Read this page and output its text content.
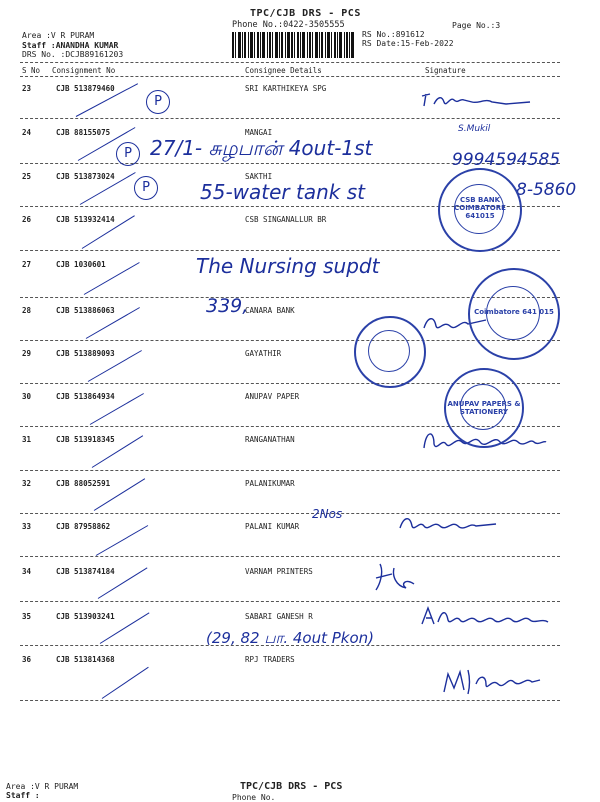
TPC/CJB DRS - PCS
Phone No.:0422-3505555	Page No.:3
Area :V R PURAM
Staff :ANANDHA KUMAR
DRS No. :DCJB89161203
RS No.:891612
RS Date:15-Feb-2022
S No Consignment No	Consignee Details	Signature
23	CJB 513879460	SRI KARTHIKEYA SPG
24	CJB 88155075	MANGAI
25	CJB 513873024	SAKTHI
26	CJB 513932414	CSB SINGANALLUR BR
27	CJB 1030601
28	CJB 513886063	CANARA BANK
29	CJB 513889093	GAYATHIR
30	CJB 513864934	ANUPAV PAPER
31	CJB 513918345	RANGANATHAN
32	CJB 88052591	PALANIKUMAR
33	CJB 87958862	PALANI KUMAR
34	CJB 513874184	VARNAM PRINTERS
35	CJB 513903241	SABARI GANESH R
36	CJB 513814368	RPJ TRADERS
P
P
P
27/1- சுழபான் 4out-1st
S.Mukil
9994594585
55-water tank st	8-5860
The Nursing supdt
339,
2Nos
(29, 82 பா. 4out Pkon)
CSB BANK COIMBATORE 641015
Coimbatore 641 015
ANUPAV PAPERS & STATIONERY
Area :V R PURAM
Staff :
TPC/CJB DRS - PCS
Phone No.
